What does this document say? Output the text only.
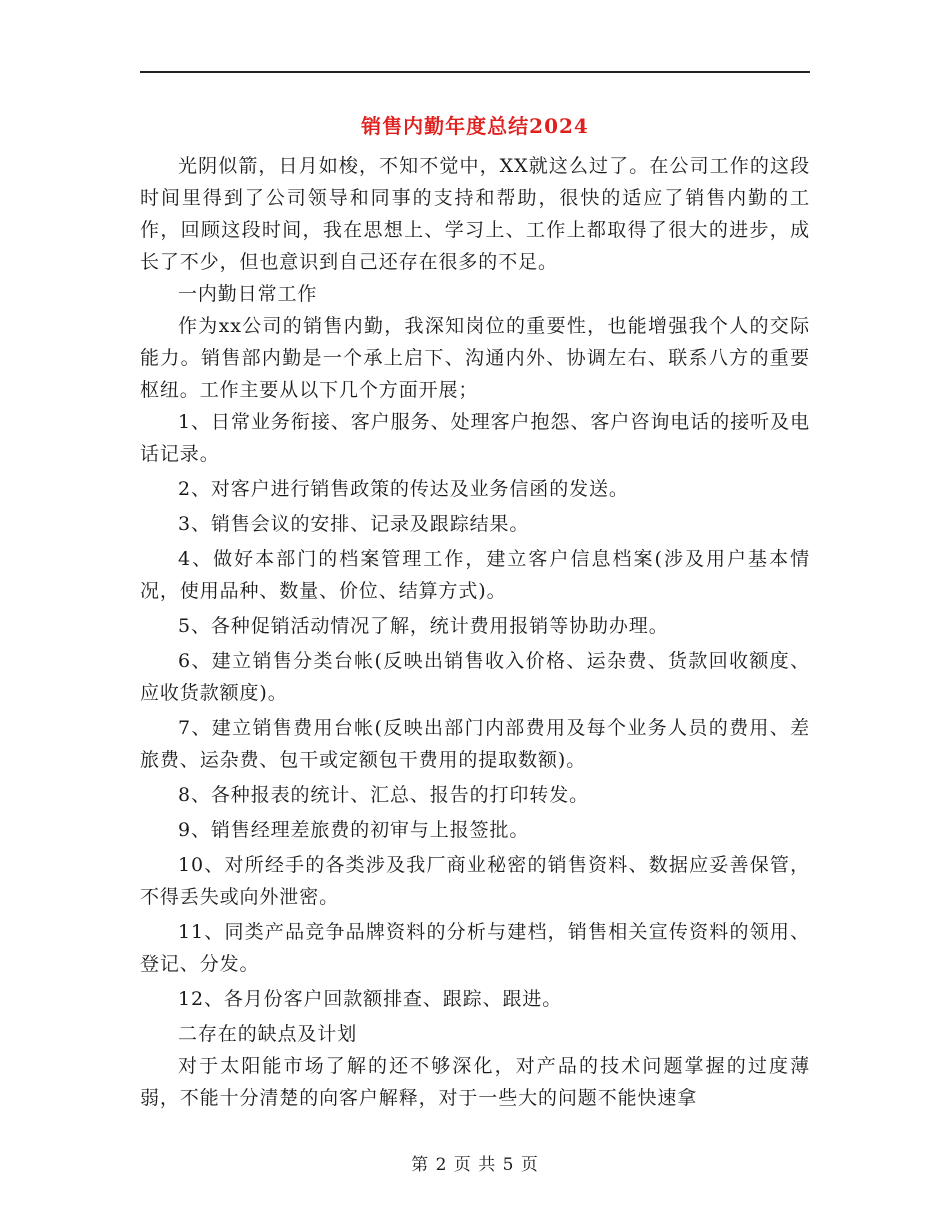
销售内勤年度总结2024

光阴似箭，日月如梭，不知不觉中，XX就这么过了。在公司工作的这段时间里得到了公司领导和同事的支持和帮助，很快的适应了销售内勤的工作，回顾这段时间，我在思想上、学习上、工作上都取得了很大的进步，成长了不少，但也意识到自己还存在很多的不足。

一内勤日常工作

作为xx公司的销售内勤，我深知岗位的重要性，也能增强我个人的交际能力。销售部内勤是一个承上启下、沟通内外、协调左右、联系八方的重要枢纽。工作主要从以下几个方面开展；

1、日常业务衔接、客户服务、处理客户抱怨、客户咨询电话的接听及电话记录。

2、对客户进行销售政策的传达及业务信函的发送。

3、销售会议的安排、记录及跟踪结果。

4、做好本部门的档案管理工作，建立客户信息档案(涉及用户基本情况，使用品种、数量、价位、结算方式)。

5、各种促销活动情况了解，统计费用报销等协助办理。

6、建立销售分类台帐(反映出销售收入价格、运杂费、货款回收额度、应收货款额度)。

7、建立销售费用台帐(反映出部门内部费用及每个业务人员的费用、差旅费、运杂费、包干或定额包干费用的提取数额)。

8、各种报表的统计、汇总、报告的打印转发。

9、销售经理差旅费的初审与上报签批。

10、对所经手的各类涉及我厂商业秘密的销售资料、数据应妥善保管，不得丢失或向外泄密。

11、同类产品竞争品牌资料的分析与建档，销售相关宣传资料的领用、登记、分发。

12、各月份客户回款额排查、跟踪、跟进。

二存在的缺点及计划

对于太阳能市场了解的还不够深化，对产品的技术问题掌握的过度薄弱，不能十分清楚的向客户解释，对于一些大的问题不能快速拿

第 2 页 共 5 页
